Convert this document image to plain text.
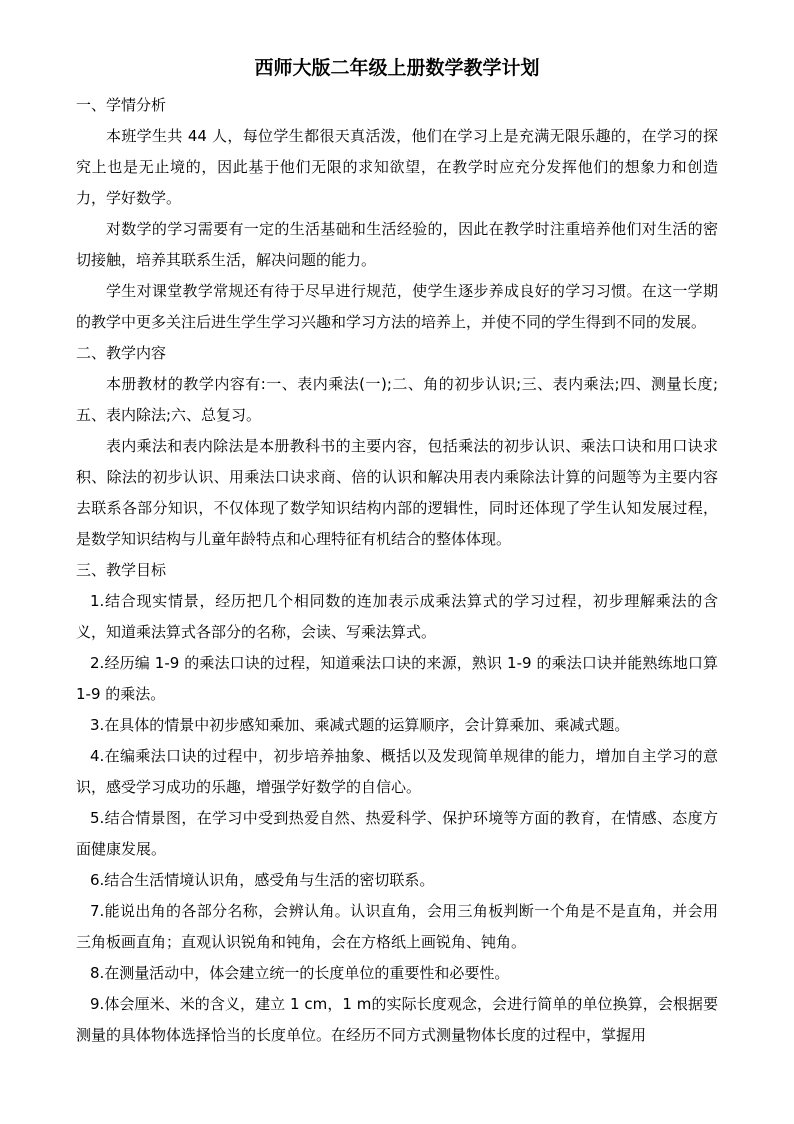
西师大版二年级上册数学教学计划
一、学情分析

本班学生共 44 人，每位学生都很天真活泼，他们在学习上是充满无限乐趣的，在学习的探究上也是无止境的，因此基于他们无限的求知欲望，在教学时应充分发挥他们的想象力和创造力，学好数学。

对数学的学习需要有一定的生活基础和生活经验的，因此在教学时注重培养他们对生活的密切接触，培养其联系生活，解决问题的能力。

学生对课堂教学常规还有待于尽早进行规范，使学生逐步养成良好的学习习惯。在这一学期的教学中更多关注后进生学生学习兴趣和学习方法的培养上，并使不同的学生得到不同的发展。

二、教学内容

本册教材的教学内容有:一、表内乘法(一);二、角的初步认识;三、表内乘法;四、测量长度;五、表内除法;六、总复习。

表内乘法和表内除法是本册教科书的主要内容，包括乘法的初步认识、乘法口诀和用口诀求积、除法的初步认识、用乘法口诀求商、倍的认识和解决用表内乘除法计算的问题等为主要内容去联系各部分知识，不仅体现了数学知识结构内部的逻辑性，同时还体现了学生认知发展过程，是数学知识结构与儿童年龄特点和心理特征有机结合的整体体现。

三、教学目标

1.结合现实情景，经历把几个相同数的连加表示成乘法算式的学习过程，初步理解乘法的含义，知道乘法算式各部分的名称，会读、写乘法算式。

2.经历编 1-9 的乘法口诀的过程，知道乘法口诀的来源，熟识 1-9 的乘法口诀并能熟练地口算 1-9 的乘法。

3.在具体的情景中初步感知乘加、乘减式题的运算顺序，会计算乘加、乘减式题。

4.在编乘法口诀的过程中，初步培养抽象、概括以及发现简单规律的能力，增加自主学习的意识，感受学习成功的乐趣，增强学好数学的自信心。

5.结合情景图，在学习中受到热爱自然、热爱科学、保护环境等方面的教育，在情感、态度方面健康发展。

6.结合生活情境认识角，感受角与生活的密切联系。

7.能说出角的各部分名称，会辨认角。认识直角，会用三角板判断一个角是不是直角，并会用三角板画直角；直观认识锐角和钝角，会在方格纸上画锐角、钝角。

8.在测量活动中，体会建立统一的长度单位的重要性和必要性。

9.体会厘米、米的含义，建立 1 cm，1 m的实际长度观念，会进行简单的单位换算，会根据要测量的具体物体选择恰当的长度单位。在经历不同方式测量物体长度的过程中，掌握用
